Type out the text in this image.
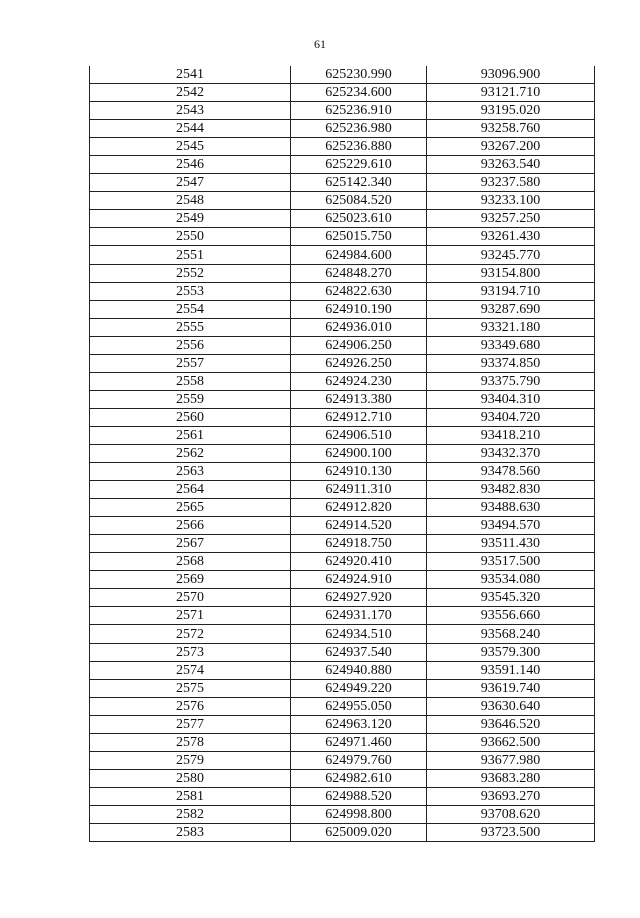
61
2541	625230.990	93096.900
2542	625234.600	93121.710
2543	625236.910	93195.020
2544	625236.980	93258.760
2545	625236.880	93267.200
2546	625229.610	93263.540
2547	625142.340	93237.580
2548	625084.520	93233.100
2549	625023.610	93257.250
2550	625015.750	93261.430
2551	624984.600	93245.770
2552	624848.270	93154.800
2553	624822.630	93194.710
2554	624910.190	93287.690
2555	624936.010	93321.180
2556	624906.250	93349.680
2557	624926.250	93374.850
2558	624924.230	93375.790
2559	624913.380	93404.310
2560	624912.710	93404.720
2561	624906.510	93418.210
2562	624900.100	93432.370
2563	624910.130	93478.560
2564	624911.310	93482.830
2565	624912.820	93488.630
2566	624914.520	93494.570
2567	624918.750	93511.430
2568	624920.410	93517.500
2569	624924.910	93534.080
2570	624927.920	93545.320
2571	624931.170	93556.660
2572	624934.510	93568.240
2573	624937.540	93579.300
2574	624940.880	93591.140
2575	624949.220	93619.740
2576	624955.050	93630.640
2577	624963.120	93646.520
2578	624971.460	93662.500
2579	624979.760	93677.980
2580	624982.610	93683.280
2581	624988.520	93693.270
2582	624998.800	93708.620
2583	625009.020	93723.500
